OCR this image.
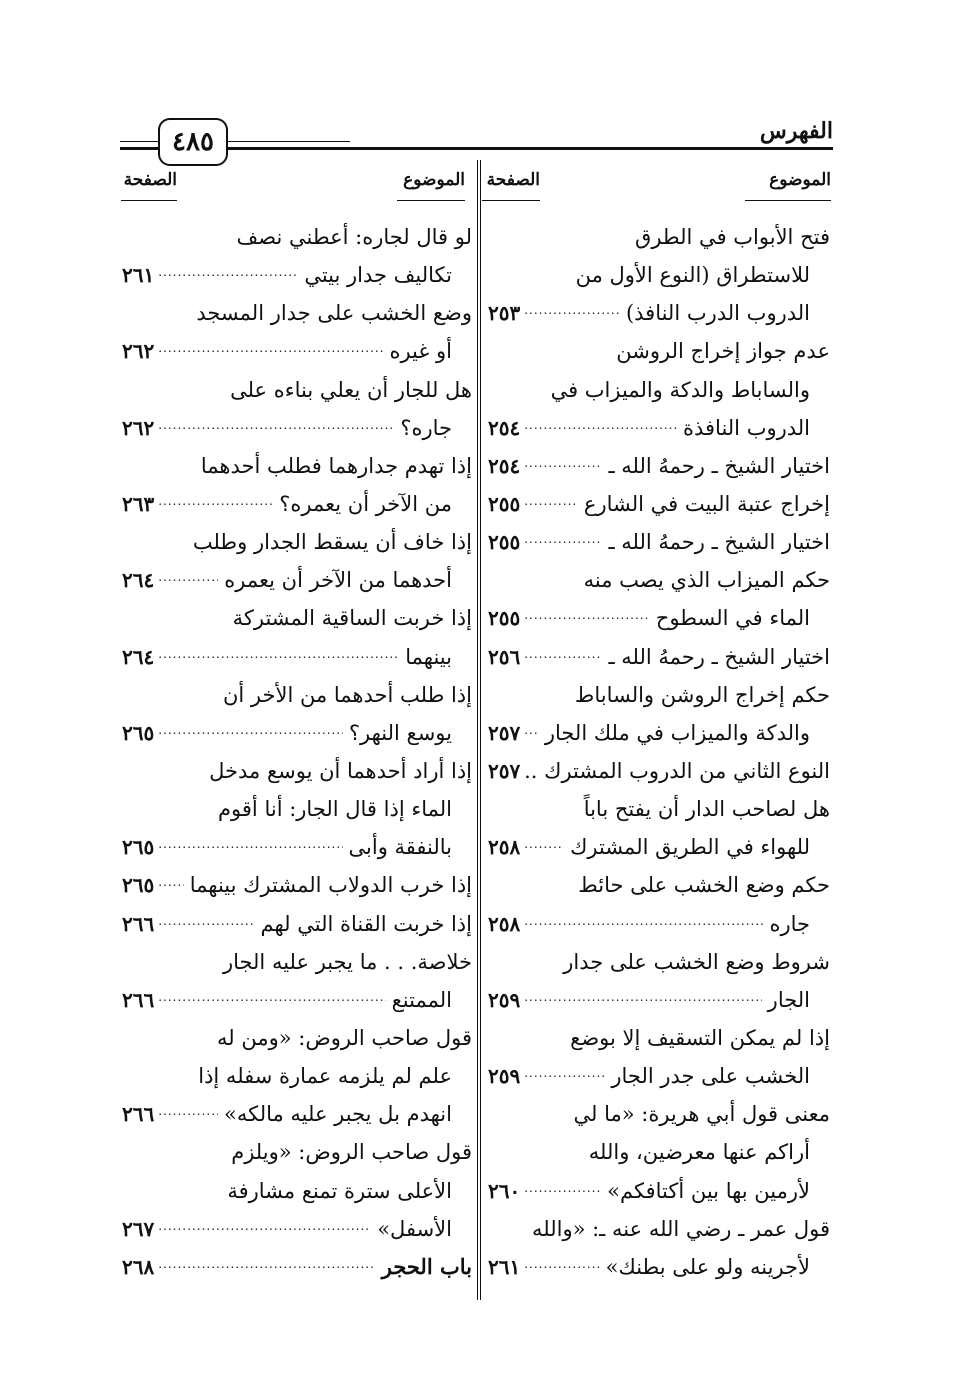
الفهرس
٤٨٥
الموضوع
الصفحة
الموضوع
الصفحة
فتح الأبواب في الطرق
للاستطراق (النوع الأول من
الدروب الدرب النافذ)
٢٥٣
.....
عدم جواز إخراج الروشن
والساباط والدكة والميزاب في
الدروب النافذة
٢٥٤
.....
اختيار الشيخ ـ رحمهُ الله ـ
٢٥٤
.....
إخراج عتبة البيت في الشارع
٢٥٥
.....
اختيار الشيخ ـ رحمهُ الله ـ
٢٥٥
.....
حكم الميزاب الذي يصب منه
الماء في السطوح
٢٥٥
.....
اختيار الشيخ ـ رحمهُ الله ـ
٢٥٦
.....
حكم إخراج الروشن والساباط
والدكة والميزاب في ملك الجار
٢٥٧
.....
النوع الثاني من الدروب المشترك ..
٢٥٧
هل لصاحب الدار أن يفتح باباً
للهواء في الطريق المشترك
٢٥٨
.....
حكم وضع الخشب على حائط
جاره
٢٥٨
.....
شروط وضع الخشب على جدار
الجار
٢٥٩
.....
إذا لم يمكن التسقيف إلا بوضع
الخشب على جدر الجار
٢٥٩
.....
معنى قول أبي هريرة: «ما لي
أراكم عنها معرضين، والله
لأرمين بها بين أكتافكم»
٢٦٠
.....
قول عمر ـ رضي الله عنه ـ: «والله
لأجرينه ولو على بطنك»
٢٦١
.....
لو قال لجاره: أعطني نصف
تكاليف جدار بيتي
٢٦١
.....
وضع الخشب على جدار المسجد
أو غيره
٢٦٢
.....
هل للجار أن يعلي بناءه على
جاره؟
٢٦٢
.....
إذا تهدم جدارهما فطلب أحدهما
من الآخر أن يعمره؟
٢٦٣
.....
إذا خاف أن يسقط الجدار وطلب
أحدهما من الآخر أن يعمره
٢٦٤
.....
إذا خربت الساقية المشتركة
بينهما
٢٦٤
.....
إذا طلب أحدهما من الأخر أن
يوسع النهر؟
٢٦٥
.....
إذا أراد أحدهما أن يوسع مدخل
الماء إذا قال الجار: أنا أقوم
بالنفقة وأبى
٢٦٥
.....
إذا خرب الدولاب المشترك بينهما
٢٦٥
.....
إذا خربت القناة التي لهم
٢٦٦
.....
خلاصة. . . ما يجبر عليه الجار
الممتنع
٢٦٦
.....
قول صاحب الروض: «ومن له
علم لم يلزمه عمارة سفله إذا
انهدم بل يجبر عليه مالكه»
٢٦٦
.....
قول صاحب الروض: «ويلزم
الأعلى سترة تمنع مشارفة
الأسفل»
٢٦٧
.....
باب الحجر
٢٦٨
.....
